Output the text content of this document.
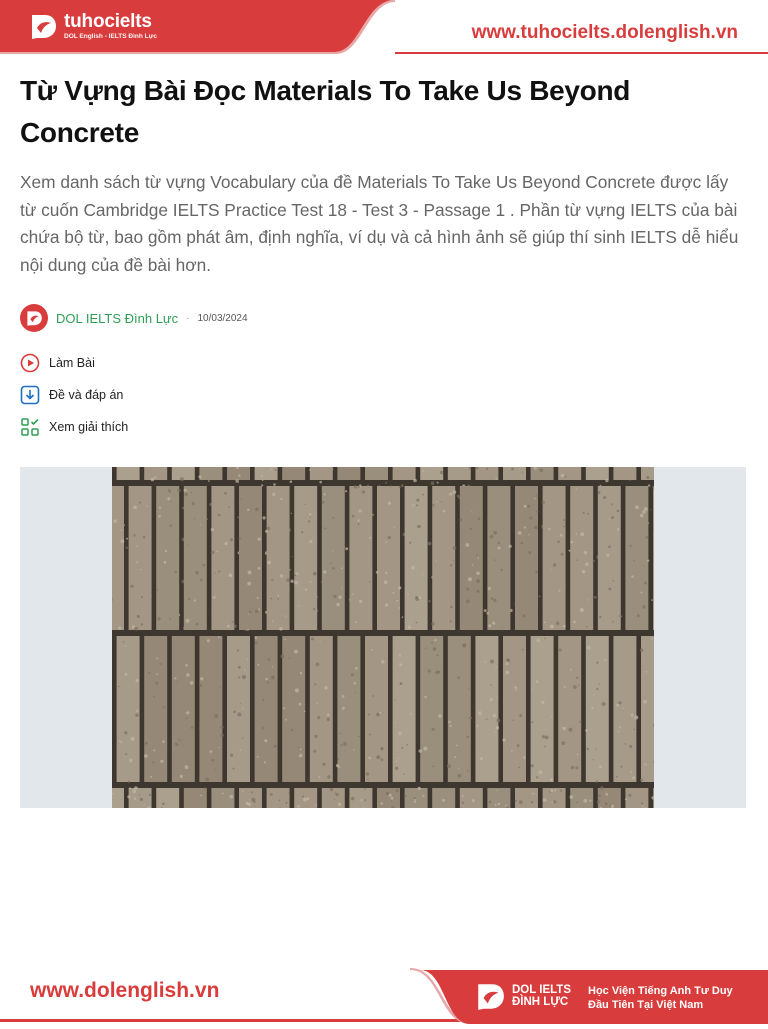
tuhocielts
DOL English - IELTS Đình Lực	www.tuhocielts.dolenglish.vn
Từ Vựng Bài Đọc Materials To Take Us Beyond Concrete

Xem danh sách từ vựng Vocabulary của đề Materials To Take Us Beyond Concrete được lấy từ cuốn Cambridge IELTS Practice Test 18 - Test 3 - Passage 1 . Phần từ vựng IELTS của bài chứa bộ từ, bao gồm phát âm, định nghĩa, ví dụ và cả hình ảnh sẽ giúp thí sinh IELTS dễ hiểu nội dung của đề bài hơn.

DOL IELTS Đình Lực · 10/03/2024
Làm Bài
Đề và đáp án
Xem giải thích
www.dolenglish.vn	DOL IELTS
ĐÌNH LỰC
Học Viện Tiếng Anh Tư Duy
Đầu Tiên Tại Việt Nam
